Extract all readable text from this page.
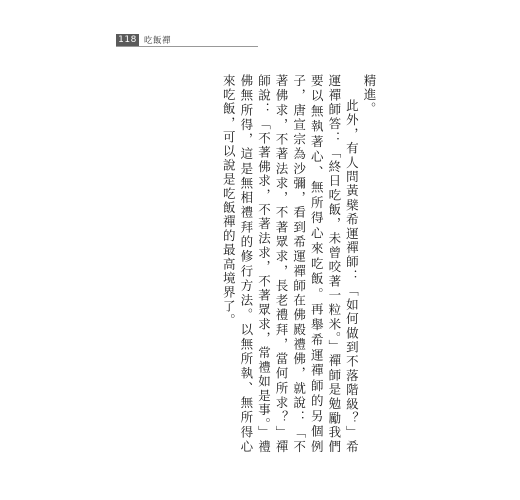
118 吃飯禪

精進。

此外，有人問黃檗希運禪師：「如何做到不落階級？」希運禪師答：「終日吃飯，未曾咬著一粒米。」禪師是勉勵我們要以無執著心、無所得心來吃飯。再舉希運禪師的另個例子，唐宣宗為沙彌，看到希運禪師在佛殿禮佛，就說：「不著佛求，不著法求，不著眾求，長老禮拜，當何所求？」禪師說：「不著佛求，不著法求，不著眾求，常禮如是事。」禮佛無所得，這是無相禮拜的修行方法。以無所執、無所得心來吃飯，可以說是吃飯禪的最高境界了。
